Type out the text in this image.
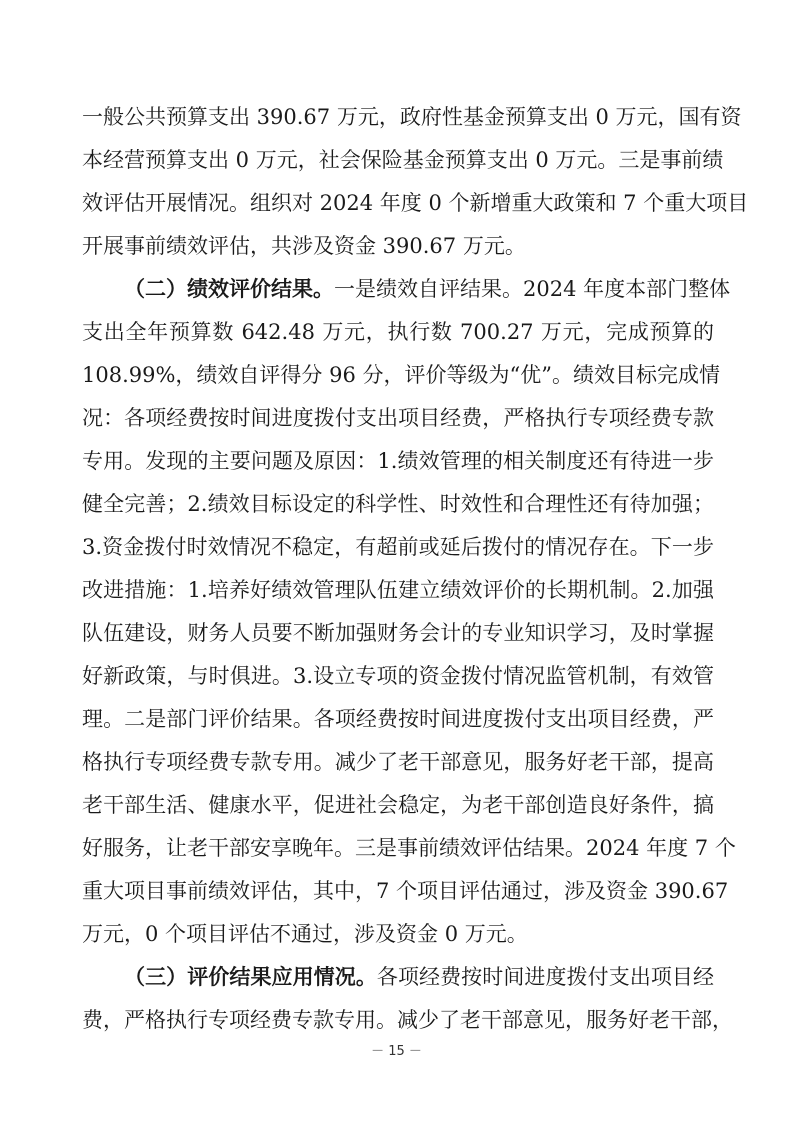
一般公共预算支出 390.67 万元，政府性基金预算支出 0 万元，国有资
本经营预算支出 0 万元，社会保险基金预算支出 0 万元。三是事前绩
效评估开展情况。组织对 2024 年度 0 个新增重大政策和 7 个重大项目
开展事前绩效评估，共涉及资金 390.67 万元。
（二）绩效评价结果。一是绩效自评结果。2024 年度本部门整体
支出全年预算数 642.48 万元，执行数 700.27 万元，完成预算的
108.99%，绩效自评得分 96 分，评价等级为“优”。绩效目标完成情
况：各项经费按时间进度拨付支出项目经费，严格执行专项经费专款
专用。发现的主要问题及原因：1.绩效管理的相关制度还有待进一步
健全完善；2.绩效目标设定的科学性、时效性和合理性还有待加强；
3.资金拨付时效情况不稳定，有超前或延后拨付的情况存在。下一步
改进措施：1.培养好绩效管理队伍建立绩效评价的长期机制。2.加强
队伍建设，财务人员要不断加强财务会计的专业知识学习，及时掌握
好新政策，与时俱进。3.设立专项的资金拨付情况监管机制，有效管
理。二是部门评价结果。各项经费按时间进度拨付支出项目经费，严
格执行专项经费专款专用。减少了老干部意见，服务好老干部，提高
老干部生活、健康水平，促进社会稳定，为老干部创造良好条件，搞
好服务，让老干部安享晚年。三是事前绩效评估结果。2024 年度 7 个
重大项目事前绩效评估，其中，7 个项目评估通过，涉及资金 390.67
万元，0 个项目评估不通过，涉及资金 0 万元。
（三）评价结果应用情况。各项经费按时间进度拨付支出项目经
费，严格执行专项经费专款专用。减少了老干部意见，服务好老干部，
－ 15 －
